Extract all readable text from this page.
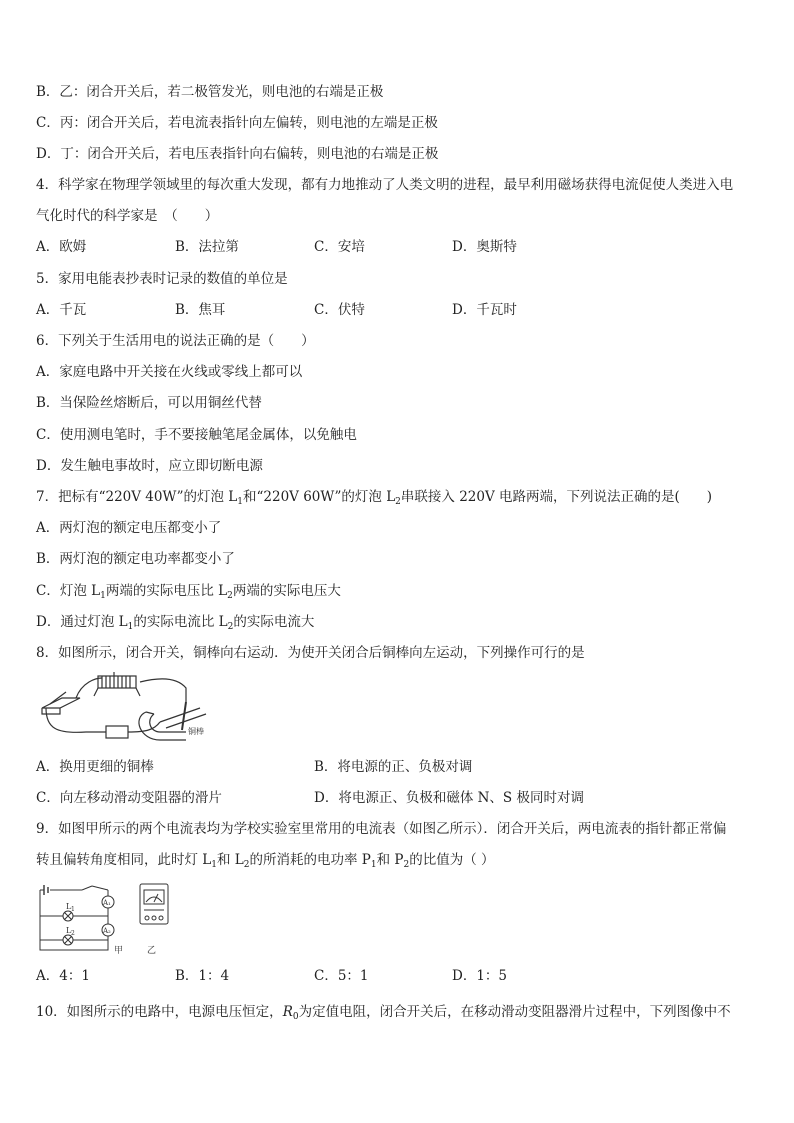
B．乙：闭合开关后，若二极管发光，则电池的右端是正极
C．丙：闭合开关后，若电流表指针向左偏转，则电池的左端是正极
D．丁：闭合开关后，若电压表指针向右偏转，则电池的右端是正极
4．科学家在物理学领域里的每次重大发现，都有力地推动了人类文明的进程，最早利用磁场获得电流促使人类进入电
气化时代的科学家是　（　　）
A．欧姆	B．法拉第	C．安培	D．奥斯特
5．家用电能表抄表时记录的数值的单位是
A．千瓦	B．焦耳	C．伏特	D．千瓦时
6．下列关于生活用电的说法正确的是（　　）
A．家庭电路中开关接在火线或零线上都可以
B．当保险丝熔断后，可以用铜丝代替
C．使用测电笔时，手不要接触笔尾金属体，以免触电
D．发生触电事故时，应立即切断电源
7．把标有“220V 40W”的灯泡 $L_1$和“220V 60W”的灯泡 $L_2$串联接入 220V 电路两端，下列说法正确的是(　　)
A．两灯泡的额定电压都变小了
B．两灯泡的额定电功率都变小了
C．灯泡 $L_1$两端的实际电压比 $L_2$两端的实际电压大
D．通过灯泡 $L_1$的实际电流比 $L_2$的实际电流大
8．如图所示，闭合开关，铜棒向右运动．为使开关闭合后铜棒向左运动，下列操作可行的是
铜棒
A．换用更细的铜棒	B．将电源的正、负极对调
C．向左移动滑动变阻器的滑片	D．将电源正、负极和磁体 N、S 极同时对调
9．如图甲所示的两个电流表均为学校实验室里常用的电流表（如图乙所示）．闭合开关后，两电流表的指针都正常偏
转且偏转角度相同，此时灯 $L_1$和 $L_2$的所消耗的电功率 $P_1$和 $P_2$的比值为（ ）
L 1
L 2
A₁
A₂
甲	乙
A．4：1	B．1：4	C．5：1	D．1：5
10．如图所示的电路中，电源电压恒定，$R_0$为定值电阻，闭合开关后，在移动滑动变阻器滑片过程中，下列图像中不
